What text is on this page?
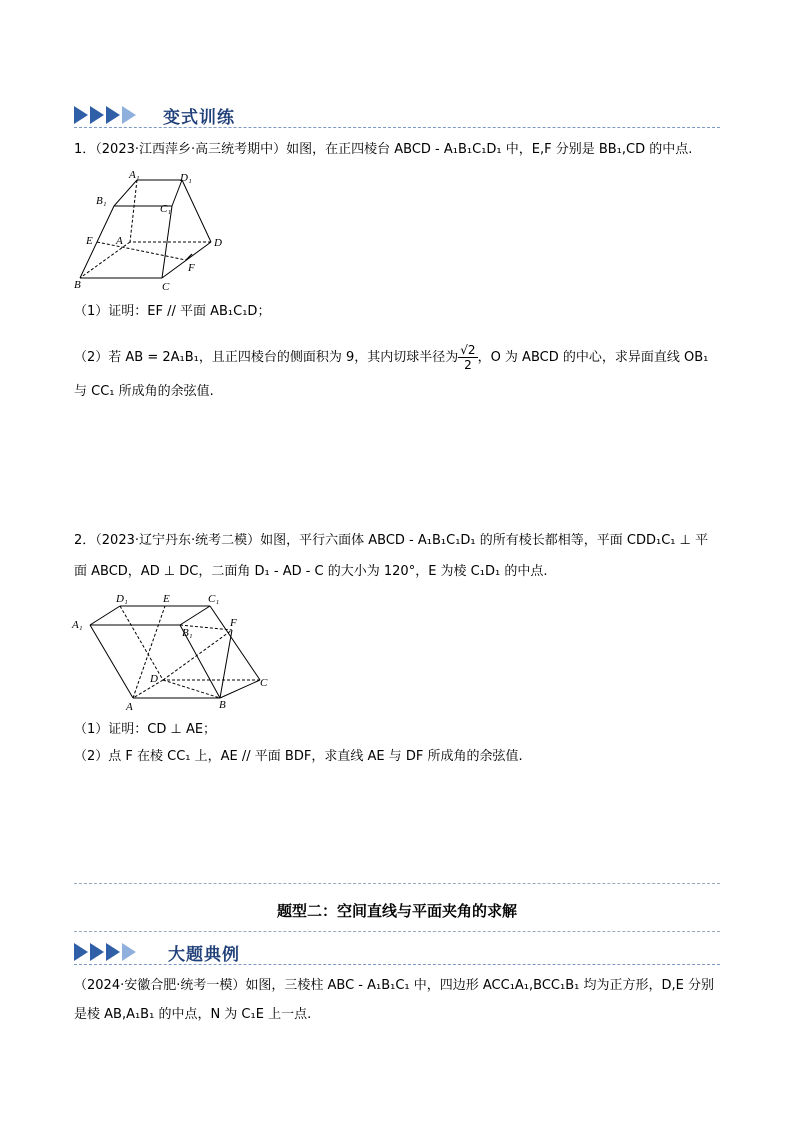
变式训练
1．（2023·江西萍乡·高三统考期中）如图，在正四棱台 ABCD - A₁B₁C₁D₁ 中，E,F 分别是 BB₁,CD 的中点.
A₁	D₁
B₁
C₁
E A	D
F
B	C
（1）证明：EF // 平面 AB₁C₁D；
（2）若 AB = 2A₁B₁，且正四棱台的侧面积为 9，其内切球半径为 $\frac{√2}{2}$ ，O 为 ABCD 的中心，求异面直线 OB₁
与 CC₁ 所成角的余弦值.
2．（2023·辽宁丹东·统考二模）如图，平行六面体 ABCD - A₁B₁C₁D₁ 的所有棱长都相等，平面 CDD₁C₁ ⊥ 平
面 ABCD，AD ⊥ DC，二面角 D₁ - AD - C 的大小为 120°，E 为棱 C₁D₁ 的中点.
D₁	E	C₁
A₁
B₁
F
D	C
A	B
（1）证明：CD ⊥ AE；
（2）点 F 在棱 CC₁ 上，AE // 平面 BDF，求直线 AE 与 DF 所成角的余弦值.
题型二：空间直线与平面夹角的求解
大题典例
（2024·安徽合肥·统考一模）如图，三棱柱 ABC - A₁B₁C₁ 中，四边形 ACC₁A₁,BCC₁B₁ 均为正方形，D,E 分别
是棱 AB,A₁B₁ 的中点，N 为 C₁E 上一点.
